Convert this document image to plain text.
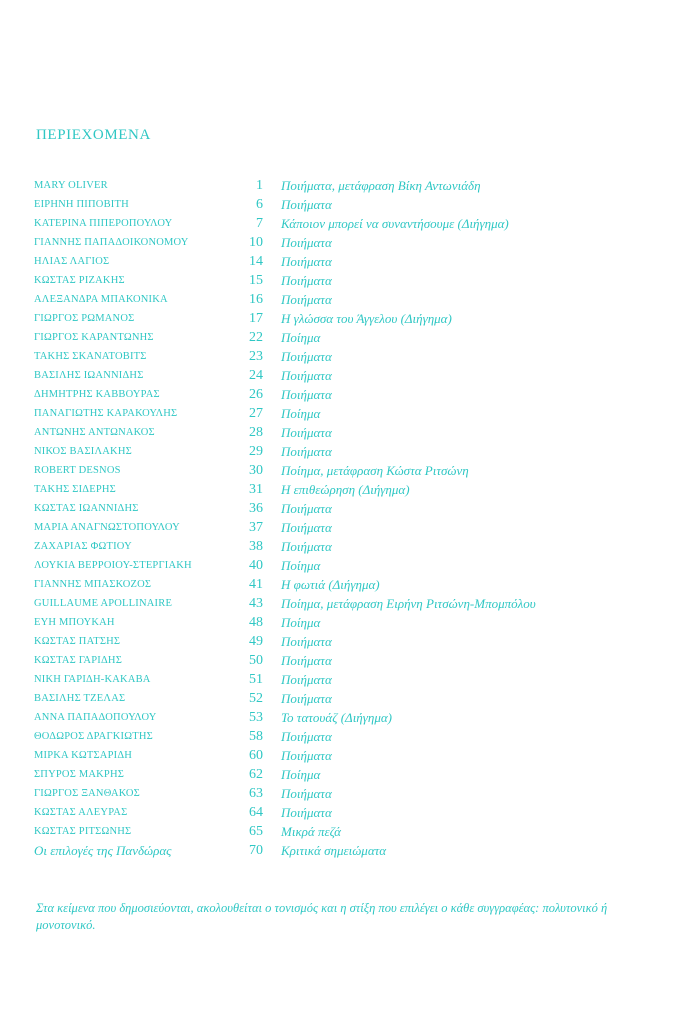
ΠΕΡΙΕΧΟΜΕΝΑ
MARY OLIVER	1 Ποιήματα, μετάφραση Βίκη Αντωνιάδη
ΕΙΡΗΝΗ ΠΙΠΟΒΙΤΗ	6 Ποιήματα
ΚΑΤΕΡΙΝΑ ΠΙΠΕΡΟΠΟΥΛΟΥ	7 Κάποιον μπορεί να συναντήσουμε (Διήγημα)
ΓΙΑΝΝΗΣ ΠΑΠΑΔΟΙΚΟΝΟΜΟΥ	10 Ποιήματα
ΗΛΙΑΣ ΛΑΓΙΟΣ	14 Ποιήματα
ΚΩΣΤΑΣ ΡΙΖΑΚΗΣ	15 Ποιήματα
ΑΛΕΞΑΝΔΡΑ ΜΠΑΚΟΝΙΚΑ	16 Ποιήματα
ΓΙΩΡΓΟΣ ΡΩΜΑΝΟΣ	17 Η γλώσσα του Άγγελου (Διήγημα)
ΓΙΩΡΓΟΣ ΚΑΡΑΝΤΩΝΗΣ	22 Ποίημα
ΤΑΚΗΣ ΣΚΑΝΑΤΟΒΙΤΣ	23 Ποιήματα
ΒΑΣΙΛΗΣ ΙΩΑΝΝΙΔΗΣ	24 Ποιήματα
ΔΗΜΗΤΡΗΣ ΚΑΒΒΟΥΡΑΣ	26 Ποιήματα
ΠΑΝΑΓΙΩΤΗΣ ΚΑΡΑΚΟΥΛΗΣ	27 Ποίημα
ΑΝΤΩΝΗΣ ΑΝΤΩΝΑΚΟΣ	28 Ποιήματα
ΝΙΚΟΣ ΒΑΣΙΛΑΚΗΣ	29 Ποιήματα
ROBERT DESNOS	30 Ποίημα, μετάφραση Κώστα Ριτσώνη
ΤΑΚΗΣ ΣΙΔΕΡΗΣ	31 Η επιθεώρηση (Διήγημα)
ΚΩΣΤΑΣ ΙΩΑΝΝΙΔΗΣ	36 Ποιήματα
ΜΑΡΙΑ ΑΝΑΓΝΩΣΤΟΠΟΥΛΟΥ	37 Ποιήματα
ΖΑΧΑΡΙΑΣ ΦΩΤΙΟΥ	38 Ποιήματα
ΛΟΥΚΙΑ ΒΕΡΡΟΙΟΥ-ΣΤΕΡΓΙΑΚΗ	40 Ποίημα
ΓΙΑΝΝΗΣ ΜΠΑΣΚΟΖΟΣ	41 Η φωτιά (Διήγημα)
GUILLAUME APOLLINAIRE	43 Ποίημα, μετάφραση Ειρήνη Ριτσώνη-Μπομπόλου
ΕΥΗ ΜΠΟΥΚΑΗ	48 Ποίημα
ΚΩΣΤΑΣ ΠΑΤΣΗΣ	49 Ποιήματα
ΚΩΣΤΑΣ ΓΑΡΙΔΗΣ	50 Ποιήματα
ΝΙΚΗ ΓΑΡΙΔΗ-ΚΑΚΑΒΑ	51 Ποιήματα
ΒΑΣΙΛΗΣ ΤΖΕΛΑΣ	52 Ποιήματα
ΑΝΝΑ ΠΑΠΑΔΟΠΟΥΛΟΥ	53 Το τατουάζ (Διήγημα)
ΘΟΔΩΡΟΣ ΔΡΑΓΚΙΩΤΗΣ	58 Ποιήματα
ΜΙΡΚΑ ΚΩΤΣΑΡΙΔΗ	60 Ποιήματα
ΣΠΥΡΟΣ ΜΑΚΡΗΣ	62 Ποίημα
ΓΙΩΡΓΟΣ ΞΑΝΘΑΚΟΣ	63 Ποιήματα
ΚΩΣΤΑΣ ΑΛΕΥΡΑΣ	64 Ποιήματα
ΚΩΣΤΑΣ ΡΙΤΣΩΝΗΣ	65 Μικρά πεζά
Οι επιλογές της Πανδώρας	70 Κριτικά σημειώματα

Στα κείμενα που δημοσιεύονται, ακολουθείται ο τονισμός και η στίξη που επιλέγει ο κάθε συγγραφέας: πολυτονικό ή μονοτονικό.
